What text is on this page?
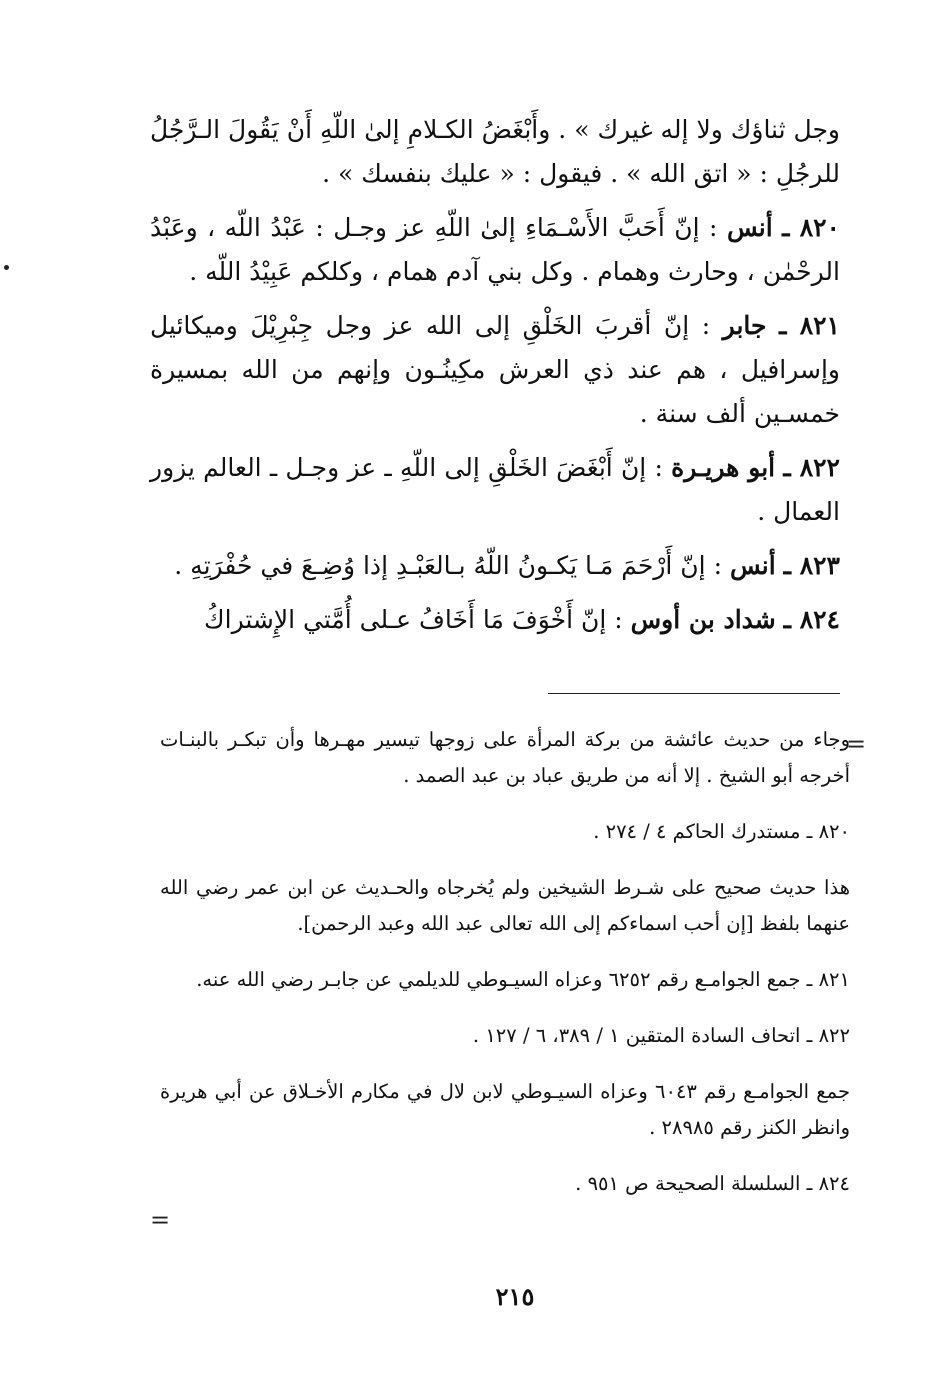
وجل ثناؤك ولا إله غيرك » . وأَبْغَضُ الكـلامِ إلىٰ اللّهِ أَنْ يَقُولَ الـرَّجُلُ للرجُلِ : « اتق الله » . فيقول : « عليك بنفسك » .

٨٢٠ ـ أنس : إنّ أَحَبَّ الأَسْـمَاءِ إلىٰ اللّهِ عز وجـل : عَبْدُ اللّه ، وعَبْدُ الرحْمٰن ، وحارث وهمام . وكل بني آدم همام ، وكلكم عَبِيْدُ اللّه .

٨٢١ ـ جابر : إنّ أقربَ الخَلْقِ إلى الله عز وجل جِبْرِيْلَ وميكائيل وإسرافيل ، هم عند ذي العرش مكِينُـون وإنهم من الله بمسيرة خمسـين ألف سنة .

٨٢٢ ـ أبو هريـرة : إنّ أَبْغَضَ الخَلْقِ إلى اللّهِ ـ عز وجـل ـ العالم يزور العمال .

٨٢٣ ـ أنس : إنّ أَرْحَمَ مَـا يَكـونُ اللّهُ بـالعَبْـدِ إذا وُضِـعَ في حُفْرَتِهِ .

٨٢٤ ـ شداد بن أوس : إنّ أَخْوَفَ مَا أَخَافُ عـلى أُمَّتي الإِشتراكُ

=

وجاء من حديث عائشة من بركة المرأة على زوجها تيسير مهـرها وأن تبكـر بالبنـات أخرجه أبو الشيخ . إلا أنه من طريق عباد بن عبد الصمد .

٨٢٠ ـ مستدرك الحاكم ٤ / ٢٧٤ .

هذا حديث صحيح على شـرط الشيخين ولم يُخرجاه والحـديث عن ابن عمر رضي الله عنهما بلفظ [إن أحب اسماءكم إلى الله تعالى عبد الله وعبد الرحمن].

٨٢١ ـ جمع الجوامـع رقم ٦٢٥٢ وعزاه السيـوطي للديلمي عن جابـر رضي الله عنه.

٨٢٢ ـ اتحاف السادة المتقين ١ / ٣٨٩، ٦ / ١٢٧ .

جمع الجوامـع رقم ٦٠٤٣ وعزاه السيـوطي لابن لال في مكارم الأخـلاق عن أبي هريرة وانظر الكنز رقم ٢٨٩٨٥ .

٨٢٤ ـ السلسلة الصحيحة ص ٩٥١ .

=
٢١٥
